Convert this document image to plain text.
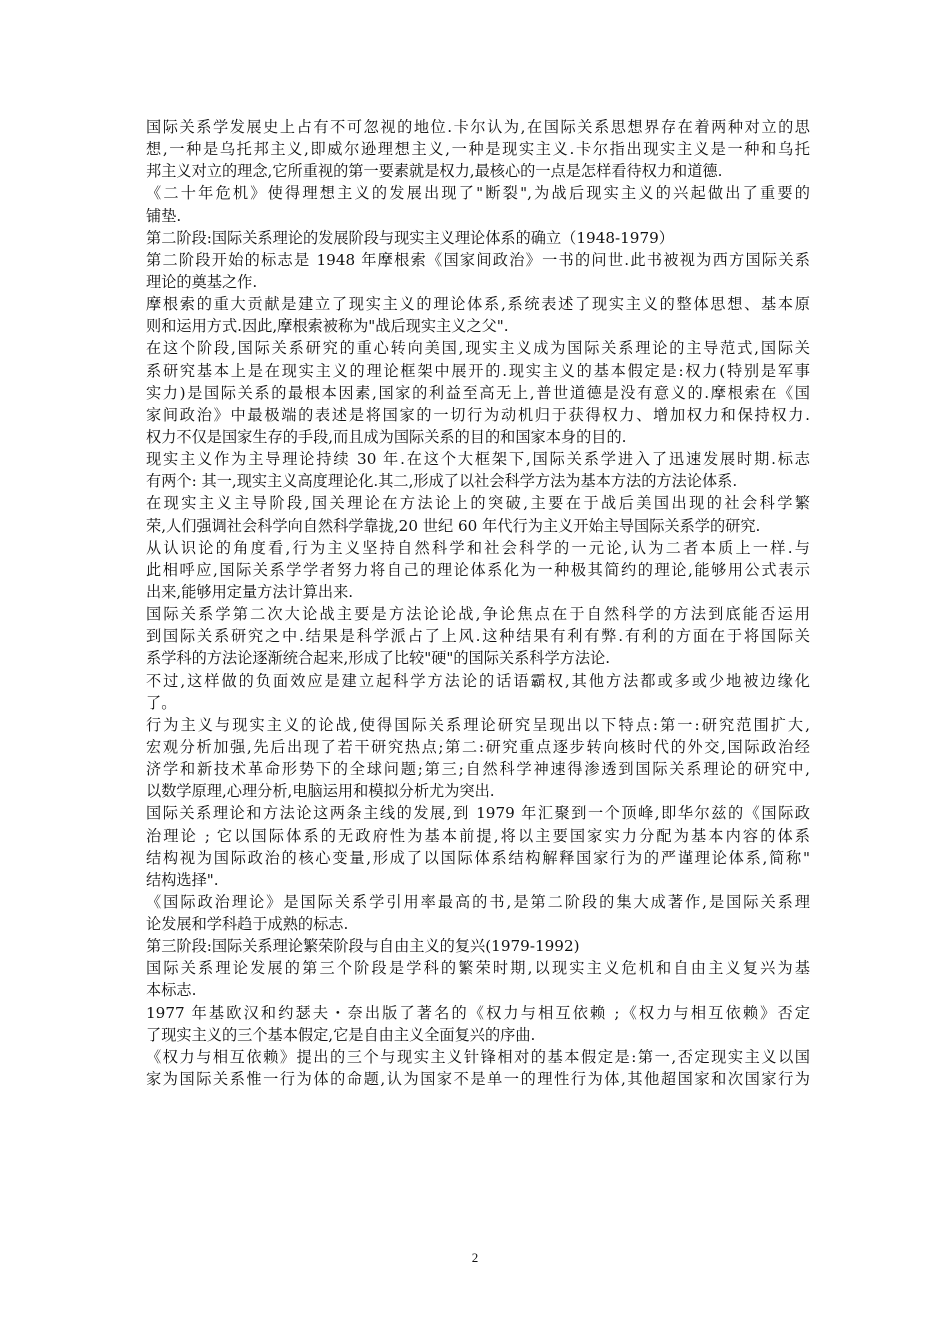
国际关系学发展史上占有不可忽视的地位.卡尔认为,在国际关系思想界存在着两种对立的思
想,一种是乌托邦主义,即威尔逊理想主义,一种是现实主义.卡尔指出现实主义是一种和乌托
邦主义对立的理念,它所重视的第一要素就是权力,最核心的一点是怎样看待权力和道德.
《二十年危机》使得理想主义的发展出现了"断裂",为战后现实主义的兴起做出了重要的
铺垫.
第二阶段:国际关系理论的发展阶段与现实主义理论体系的确立（1948-1979）
第二阶段开始的标志是 1948 年摩根索《国家间政治》一书的问世.此书被视为西方国际关系
理论的奠基之作.
摩根索的重大贡献是建立了现实主义的理论体系,系统表述了现实主义的整体思想、基本原
则和运用方式.因此,摩根索被称为"战后现实主义之父".
在这个阶段,国际关系研究的重心转向美国,现实主义成为国际关系理论的主导范式,国际关
系研究基本上是在现实主义的理论框架中展开的.现实主义的基本假定是:权力(特别是军事
实力)是国际关系的最根本因素,国家的利益至高无上,普世道德是没有意义的.摩根索在《国
家间政治》中最极端的表述是将国家的一切行为动机归于获得权力、增加权力和保持权力.
权力不仅是国家生存的手段,而且成为国际关系的目的和国家本身的目的.
现实主义作为主导理论持续 30 年.在这个大框架下,国际关系学进入了迅速发展时期.标志
有两个: 其一,现实主义高度理论化.其二,形成了以社会科学方法为基本方法的方法论体系.
在现实主义主导阶段,国关理论在方法论上的突破,主要在于战后美国出现的社会科学繁
荣,人们强调社会科学向自然科学靠拢,20 世纪 60 年代行为主义开始主导国际关系学的研究.
从认识论的角度看,行为主义坚持自然科学和社会科学的一元论,认为二者本质上一样.与
此相呼应,国际关系学学者努力将自己的理论体系化为一种极其简约的理论,能够用公式表示
出来,能够用定量方法计算出来.
国际关系学第二次大论战主要是方法论论战,争论焦点在于自然科学的方法到底能否运用
到国际关系研究之中.结果是科学派占了上风.这种结果有利有弊.有利的方面在于将国际关
系学科的方法论逐渐统合起来,形成了比较"硬"的国际关系科学方法论.
不过,这样做的负面效应是建立起科学方法论的话语霸权,其他方法都或多或少地被边缘化
了。
行为主义与现实主义的论战,使得国际关系理论研究呈现出以下特点:第一:研究范围扩大,
宏观分析加强,先后出现了若干研究热点;第二:研究重点逐步转向核时代的外交,国际政治经
济学和新技术革命形势下的全球问题;第三;自然科学神速得渗透到国际关系理论的研究中,
以数学原理,心理分析,电脑运用和模拟分析尤为突出.
国际关系理论和方法论这两条主线的发展,到 1979 年汇聚到一个顶峰,即华尔兹的《国际政
治理论 ; 它以国际体系的无政府性为基本前提,将以主要国家实力分配为基本内容的体系
结构视为国际政治的核心变量,形成了以国际体系结构解释国家行为的严谨理论体系,简称"
结构选择".
《国际政治理论》是国际关系学引用率最高的书,是第二阶段的集大成著作,是国际关系理
论发展和学科趋于成熟的标志.
第三阶段:国际关系理论繁荣阶段与自由主义的复兴(1979-1992)
国际关系理论发展的第三个阶段是学科的繁荣时期,以现实主义危机和自由主义复兴为基
本标志.
1977 年基欧汉和约瑟夫・奈出版了著名的《权力与相互依赖 ;《权力与相互依赖》否定
了现实主义的三个基本假定,它是自由主义全面复兴的序曲.
《权力与相互依赖》提出的三个与现实主义针锋相对的基本假定是:第一,否定现实主义以国
家为国际关系惟一行为体的命题,认为国家不是单一的理性行为体,其他超国家和次国家行为
2
